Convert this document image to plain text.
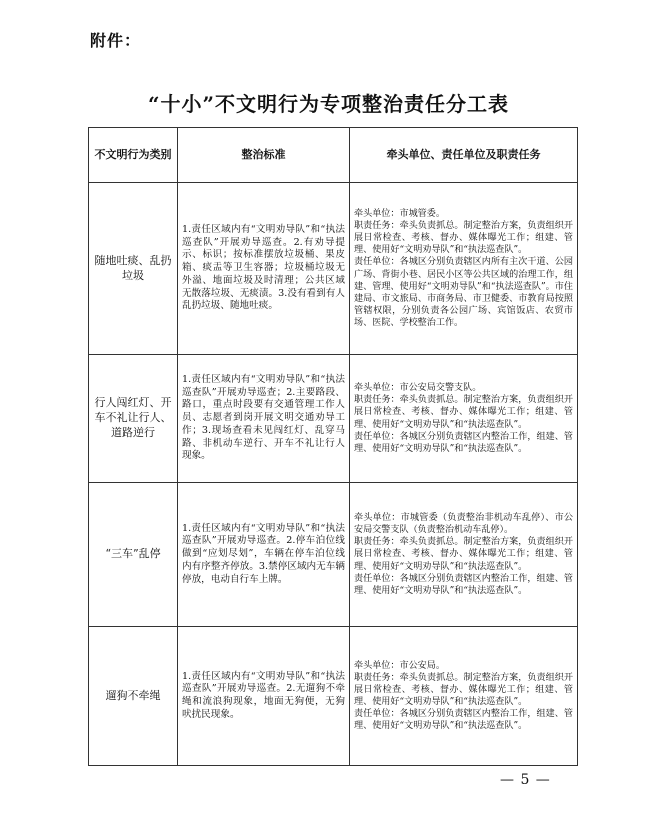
附件：
“十小”不文明行为专项整治责任分工表
不文明行为类别	整治标准	牵头单位、责任单位及职责任务
随地吐痰、乱扔垃圾	1.责任区域内有“文明劝导队”和“执法巡查队”开展劝导巡查。2.有劝导提示、标识；按标准摆放垃圾桶、果皮箱、痰盂等卫生容器；垃圾桶垃圾无外溢、地面垃圾及时清理；公共区域无散落垃圾、无痰渍。3.没有看到有人乱扔垃圾、随地吐痰。	牵头单位：市城管委。
职责任务：牵头负责抓总。制定整治方案，负责组织开展日常检查、考核、督办、媒体曝光工作；组建、管理、使用好“文明劝导队”和“执法巡查队”。
责任单位：各城区分别负责辖区内所有主次干道、公园广场、背街小巷、居民小区等公共区域的治理工作，组建、管理、使用好“文明劝导队”和“执法巡查队”。市住建局、市文旅局、市商务局、市卫健委、市教育局按照管辖权限，分别负责各公园广场、宾馆饭店、农贸市场、医院、学校整治工作。

行人闯红灯、开车不礼让行人、道路逆行	1.责任区域内有“文明劝导队”和“执法巡查队”开展劝导巡查；2.主要路段、路口，重点时段要有交通管理工作人员、志愿者到岗开展文明交通劝导工作；3.现场查看未见闯红灯、乱穿马路、非机动车逆行、开车不礼让行人现象。	牵头单位：市公安局交警支队。
职责任务：牵头负责抓总。制定整治方案，负责组织开展日常检查、考核、督办、媒体曝光工作；组建、管理、使用好“文明劝导队”和“执法巡查队”。
责任单位：各城区分别负责辖区内整治工作，组建、管理、使用好“文明劝导队”和“执法巡查队”。

“三车”乱停	1.责任区域内有“文明劝导队”和“执法巡查队”开展劝导巡查。2.停车泊位线做到“应划尽划”，车辆在停车泊位线内有序整齐停放。3.禁停区域内无车辆停放，电动自行车上牌。	牵头单位：市城管委（负责整治非机动车乱停）、市公安局交警支队（负责整治机动车乱停）。
职责任务：牵头负责抓总。制定整治方案，负责组织开展日常检查、考核、督办、媒体曝光工作；组建、管理、使用好“文明劝导队”和“执法巡查队”。
责任单位：各城区分别负责辖区内整治工作，组建、管理、使用好“文明劝导队”和“执法巡查队”。

遛狗不牵绳	1.责任区域内有“文明劝导队”和“执法巡查队”开展劝导巡查。2.无遛狗不牵绳和流浪狗现象，地面无狗便，无狗吠扰民现象。	牵头单位：市公安局。
职责任务：牵头负责抓总。制定整治方案，负责组织开展日常检查、考核、督办、媒体曝光工作；组建、管理、使用好“文明劝导队”和“执法巡查队”。
责任单位：各城区分别负责辖区内整治工作，组建、管理、使用好“文明劝导队”和“执法巡查队”。
— 5 —
